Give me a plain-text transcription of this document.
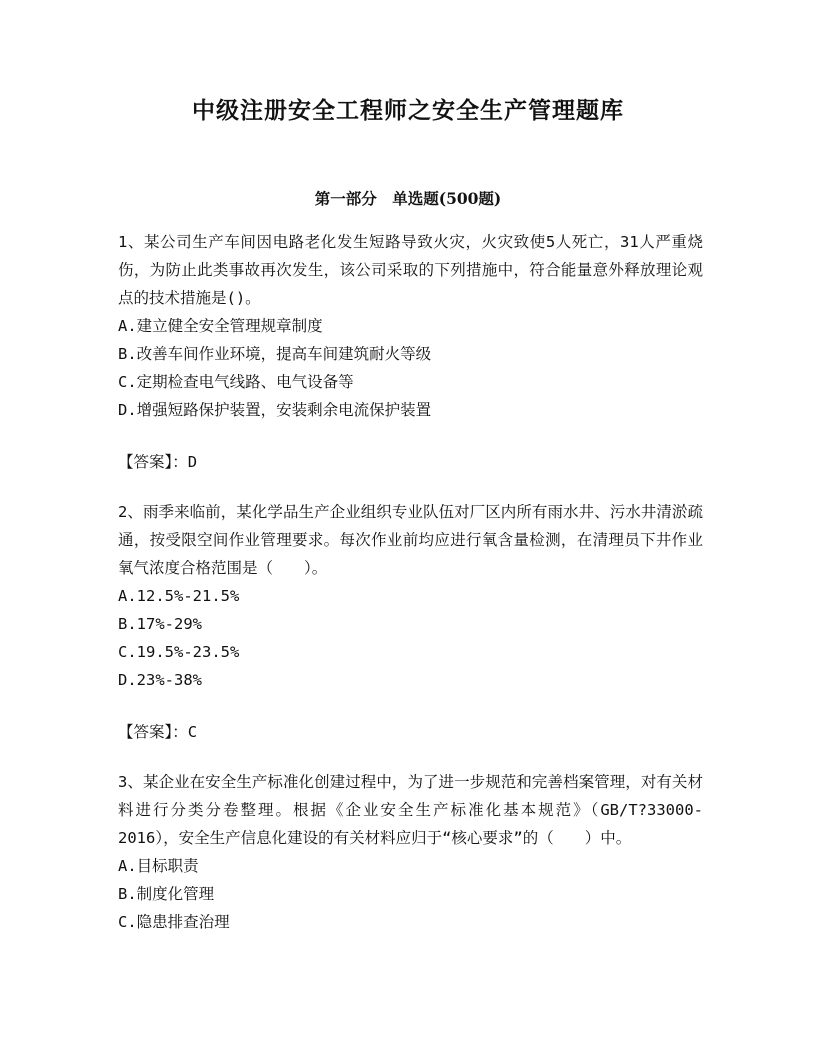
中级注册安全工程师之安全生产管理题库
第一部分　单选题(500题)

1、某公司生产车间因电路老化发生短路导致火灾，火灾致使5人死亡，31人严重烧伤，为防止此类事故再次发生，该公司采取的下列措施中，符合能量意外释放理论观点的技术措施是()。

A.建立健全安全管理规章制度

B.改善车间作业环境，提高车间建筑耐火等级

C.定期检查电气线路、电气设备等

D.增强短路保护装置，安装剩余电流保护装置

【答案】：D

2、雨季来临前，某化学品生产企业组织专业队伍对厂区内所有雨水井、污水井清淤疏通，按受限空间作业管理要求。每次作业前均应进行氧含量检测，在清理员下井作业氧气浓度合格范围是（　　）。

A.12.5%-21.5%

B.17%-29%

C.19.5%-23.5%

D.23%-38%

【答案】：C

3、某企业在安全生产标准化创建过程中，为了进一步规范和完善档案管理，对有关材料进行分类分卷整理。根据《企业安全生产标准化基本规范》（GB/T?33000-2016），安全生产信息化建设的有关材料应归于“核心要求”的（　　）中。

A.目标职责

B.制度化管理

C.隐患排查治理
